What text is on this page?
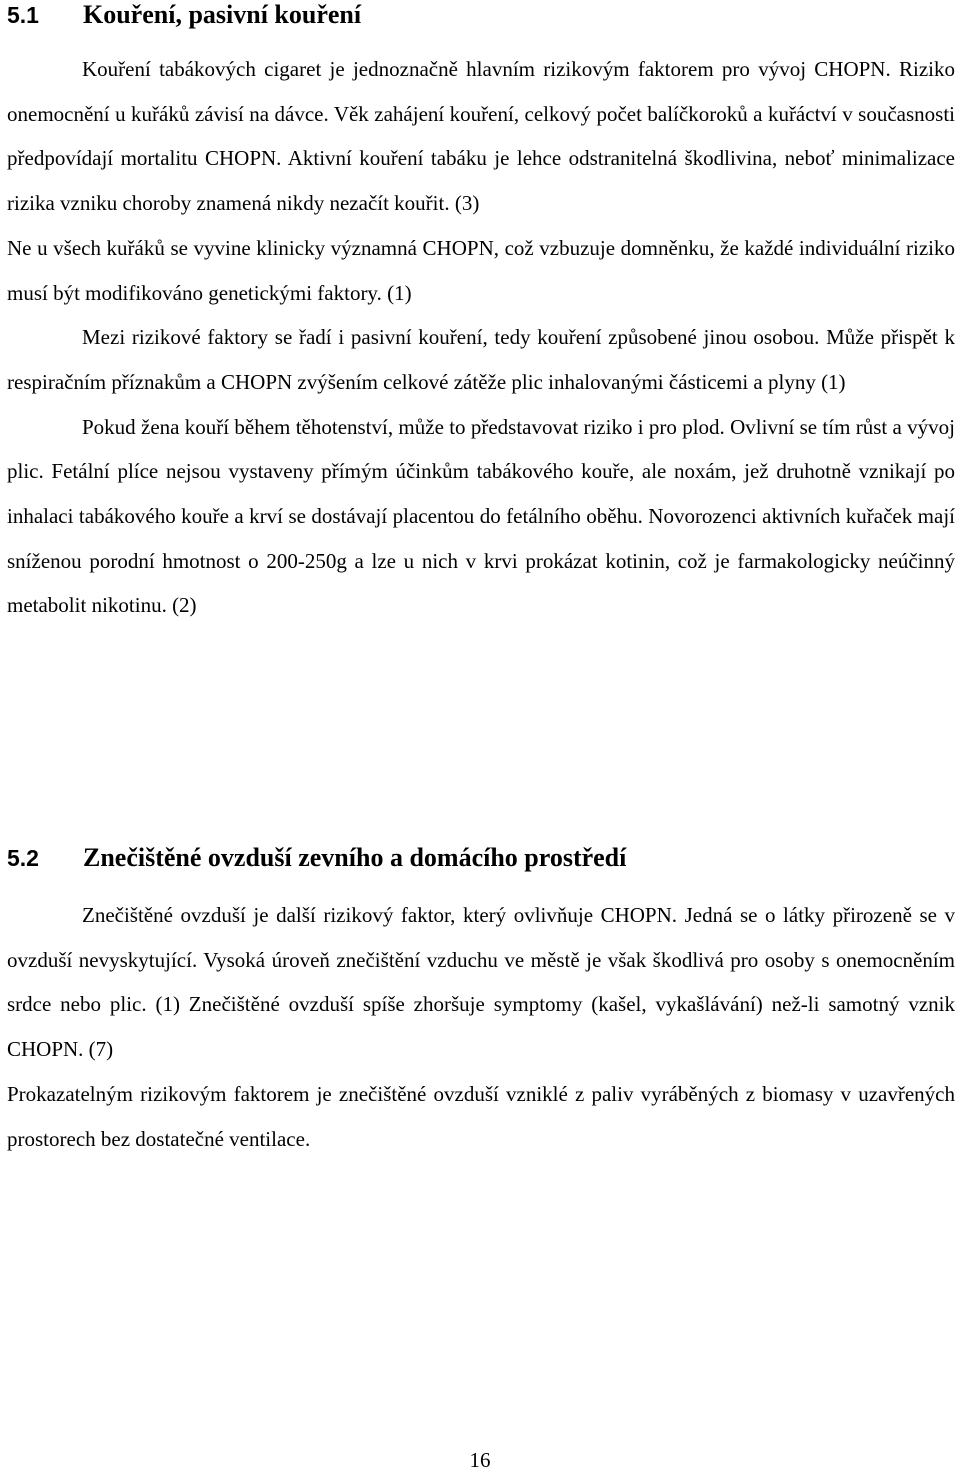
5.1 Kouření, pasivní kouření

Kouření tabákových cigaret je jednoznačně hlavním rizikovým faktorem pro vývoj CHOPN. Riziko onemocnění u kuřáků závisí na dávce. Věk zahájení kouření, celkový počet balíčkoroků a kuřáctví v současnosti předpovídají mortalitu CHOPN. Aktivní kouření tabáku je lehce odstranitelná škodlivina, neboť minimalizace rizika vzniku choroby znamená nikdy nezačít kouřit. (3)

Ne u všech kuřáků se vyvine klinicky významná CHOPN, což vzbuzuje domněnku, že každé individuální riziko musí být modifikováno genetickými faktory. (1)

Mezi rizikové faktory se řadí i pasivní kouření, tedy kouření způsobené jinou osobou. Může přispět k respiračním příznakům a CHOPN zvýšením celkové zátěže plic inhalovanými částicemi a plyny (1)

Pokud žena kouří během těhotenství, může to představovat riziko i pro plod. Ovlivní se tím růst a vývoj plic. Fetální plíce nejsou vystaveny přímým účinkům tabákového kouře, ale noxám, jež druhotně vznikají po inhalaci tabákového kouře a krví se dostávají placentou do fetálního oběhu. Novorozenci aktivních kuřaček mají sníženou porodní hmotnost o 200-250g a lze u nich v krvi prokázat kotinin, což je farmakologicky neúčinný metabolit nikotinu. (2)

5.2 Znečištěné ovzduší zevního a domácího prostředí

Znečištěné ovzduší je další rizikový faktor, který ovlivňuje CHOPN. Jedná se o látky přirozeně se v ovzduší nevyskytující. Vysoká úroveň znečištění vzduchu ve městě je však škodlivá pro osoby s onemocněním srdce nebo plic. (1) Znečištěné ovzduší spíše zhoršuje symptomy (kašel, vykašlávání) než-li samotný vznik CHOPN. (7)

Prokazatelným rizikovým faktorem je znečištěné ovzduší vzniklé z paliv vyráběných z biomasy v uzavřených prostorech bez dostatečné ventilace.

16
